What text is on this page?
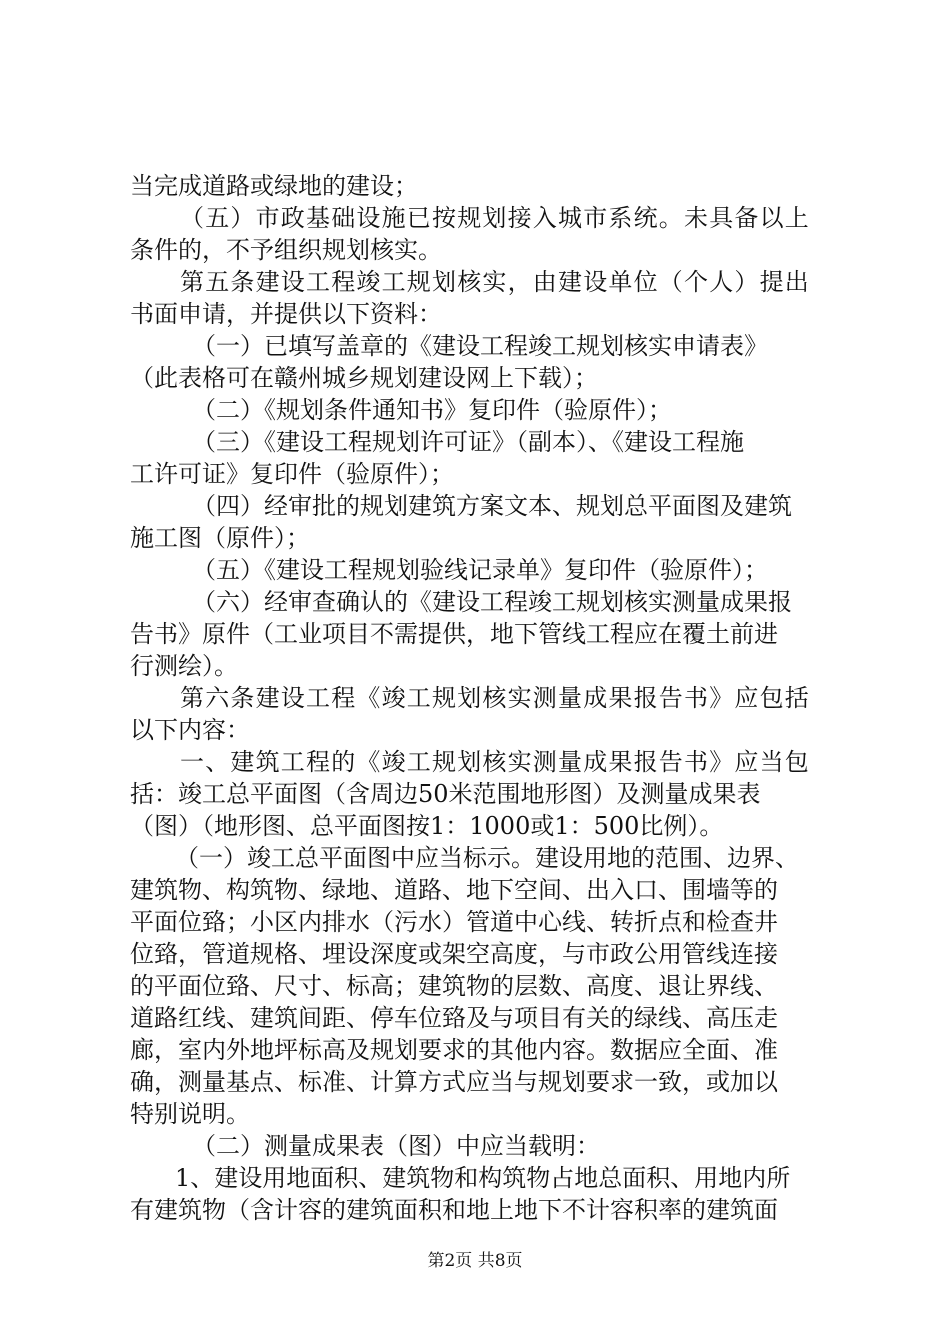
当完成道路或绿地的建设；
（五）市政基础设施已按规划接入城市系统。未具备以上
条件的，不予组织规划核实。
第五条建设工程竣工规划核实，由建设单位（个人）提出
书面申请，并提供以下资料：
（一）已填写盖章的《建设工程竣工规划核实申请表》
（此表格可在赣州城乡规划建设网上下载）；
（二）《规划条件通知书》复印件（验原件）；
（三）《建设工程规划许可证》（副本）、《建设工程施
工许可证》复印件（验原件）；
（四）经审批的规划建筑方案文本、规划总平面图及建筑
施工图（原件）；
（五）《建设工程规划验线记录单》复印件（验原件）；
（六）经审查确认的《建设工程竣工规划核实测量成果报
告书》原件（工业项目不需提供，地下管线工程应在覆土前进
行测绘）。
第六条建设工程《竣工规划核实测量成果报告书》应包括
以下内容：
一、建筑工程的《竣工规划核实测量成果报告书》应当包
括：竣工总平面图（含周边50米范围地形图）及测量成果表
（图）（地形图、总平面图按1：1000或1：500比例）。
（一）竣工总平面图中应当标示。建设用地的范围、边界、
建筑物、构筑物、绿地、道路、地下空间、出入口、围墙等的
平面位臵；小区内排水（污水）管道中心线、转折点和检查井
位臵，管道规格、埋设深度或架空高度，与市政公用管线连接
的平面位臵、尺寸、标高；建筑物的层数、高度、退让界线、
道路红线、建筑间距、停车位臵及与项目有关的绿线、高压走
廊，室内外地坪标高及规划要求的其他内容。数据应全面、准
确，测量基点、标准、计算方式应当与规划要求一致，或加以
特别说明。
（二）测量成果表（图）中应当载明：
1、建设用地面积、建筑物和构筑物占地总面积、用地内所
有建筑物（含计容的建筑面积和地上地下不计容积率的建筑面
第2页 共8页
